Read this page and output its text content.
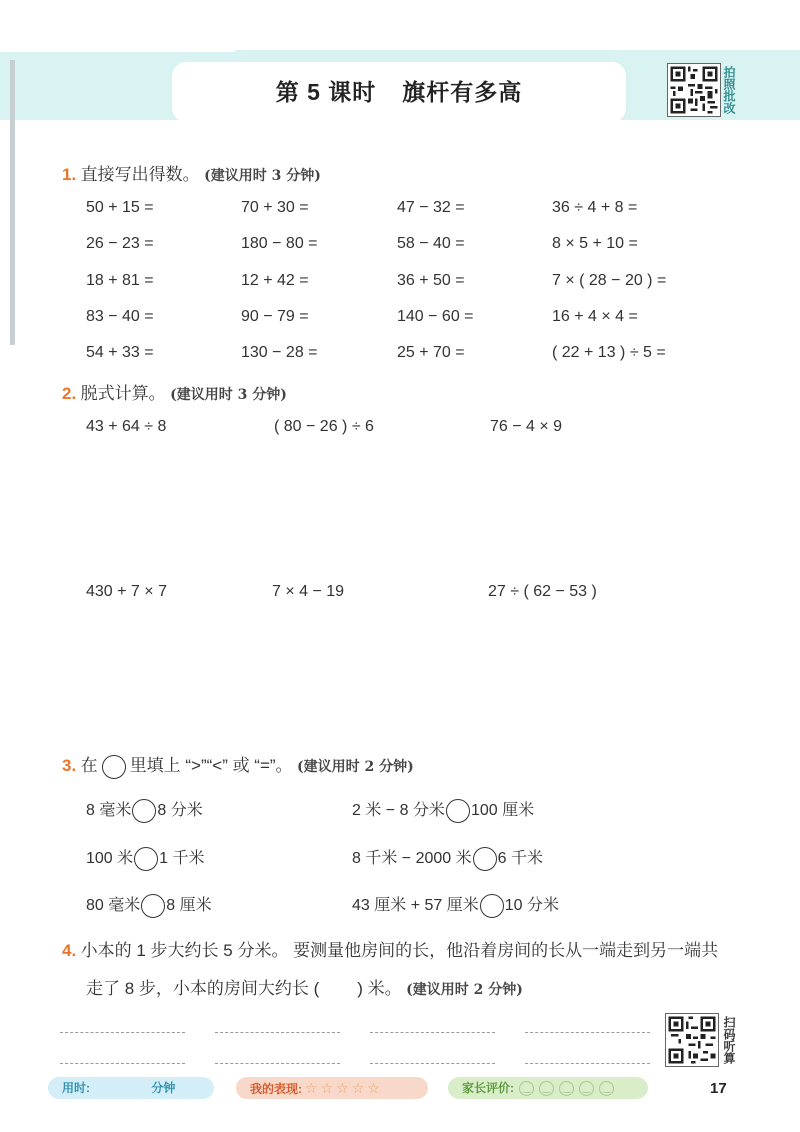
第 5 课时 旗杆有多高	拍照批改
1. 直接写出得数。 (建议用时 3 分钟)
50 + 15 =	70 + 30 =	47 − 32 =	36 ÷ 4 + 8 =
26 − 23 =	180 − 80 =	58 − 40 =	8 × 5 + 10 =
18 + 81 =	12 + 42 =	36 + 50 =	7 × ( 28 − 20 ) =
83 − 40 =	90 − 79 =	140 − 60 =	16 + 4 × 4 =
54 + 33 =	130 − 28 =	25 + 70 =	( 22 + 13 ) ÷ 5 =
2. 脱式计算。 (建议用时 3 分钟)
43 + 64 ÷ 8	( 80 − 26 ) ÷ 6	76 − 4 × 9
430 + 7 × 7	7 × 4 − 19	27 ÷ ( 62 − 53 )
3. 在 里填上 “>”“<” 或 “=”。 (建议用时 2 分钟)
8 毫米 8 分米	2 米 − 8 分米 100 厘米
100 米 1 千米	8 千米 − 2000 米 6 千米
80 毫米 8 厘米	43 厘米 + 57 厘米 10 分米
4. 小本的 1 步大约长 5 分米。 要测量他房间的长，他沿着房间的长从一端走到另一端共
走了 8 步，小本的房间大约长 ( ) 米。 (建议用时 2 分钟)
扫码听算
用时:	分钟	我的表现: ☆ ☆ ☆ ☆ ☆	家长评价: ‿ ‿ ‿ ‿ ‿	17
